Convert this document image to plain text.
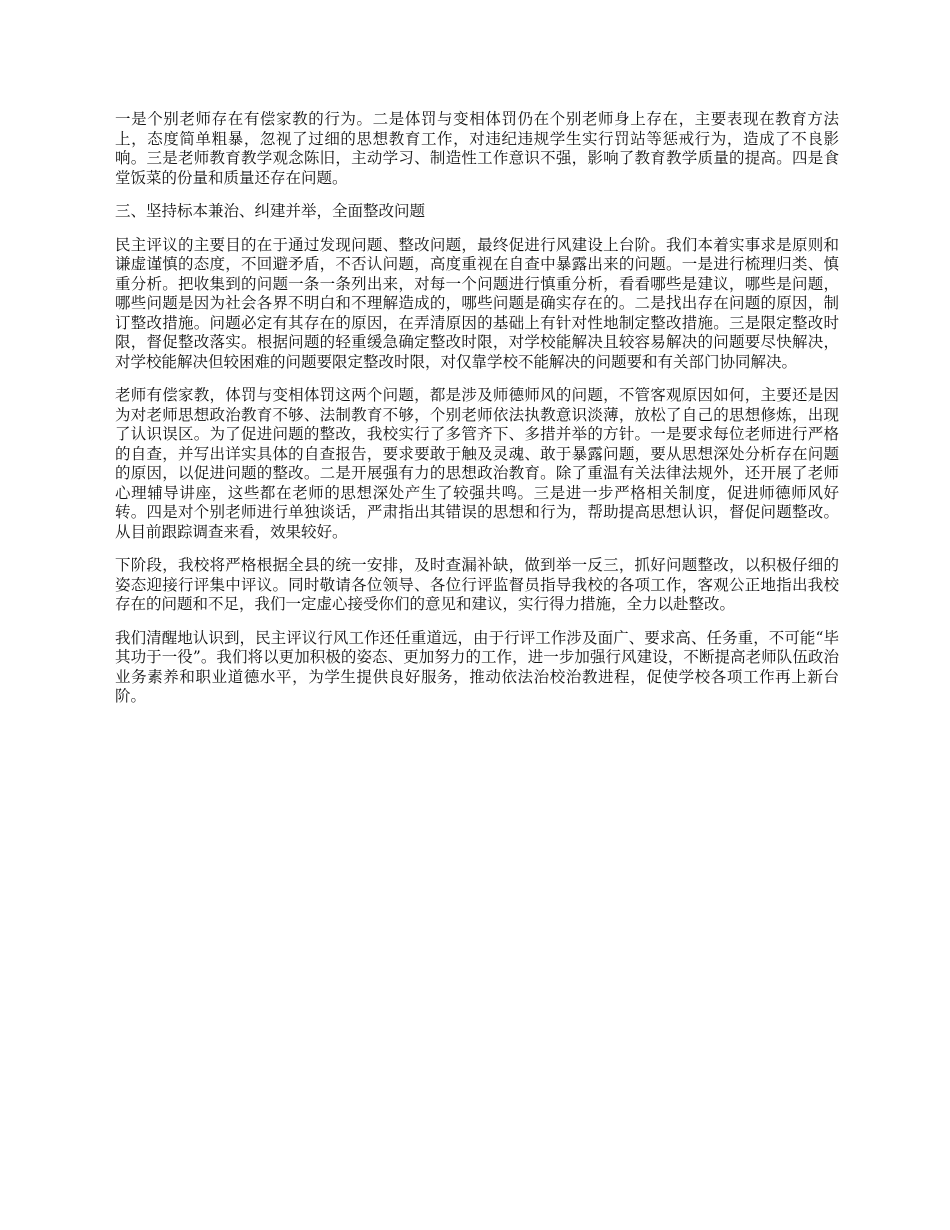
一是个别老师存在有偿家教的行为。二是体罚与变相体罚仍在个别老师身上存在，主要表现在教育方法上，态度简单粗暴，忽视了过细的思想教育工作，对违纪违规学生实行罚站等惩戒行为，造成了不良影响。三是老师教育教学观念陈旧，主动学习、制造性工作意识不强，影响了教育教学质量的提高。四是食堂饭菜的份量和质量还存在问题。

三、坚持标本兼治、纠建并举，全面整改问题

民主评议的主要目的在于通过发现问题、整改问题，最终促进行风建设上台阶。我们本着实事求是原则和谦虚谨慎的态度，不回避矛盾，不否认问题，高度重视在自查中暴露出来的问题。一是进行梳理归类、慎重分析。把收集到的问题一条一条列出来，对每一个问题进行慎重分析，看看哪些是建议，哪些是问题，哪些问题是因为社会各界不明白和不理解造成的，哪些问题是确实存在的。二是找出存在问题的原因，制订整改措施。问题必定有其存在的原因，在弄清原因的基础上有针对性地制定整改措施。三是限定整改时限，督促整改落实。根据问题的轻重缓急确定整改时限，对学校能解决且较容易解决的问题要尽快解决，对学校能解决但较困难的问题要限定整改时限，对仅靠学校不能解决的问题要和有关部门协同解决。

老师有偿家教，体罚与变相体罚这两个问题，都是涉及师德师风的问题，不管客观原因如何，主要还是因为对老师思想政治教育不够、法制教育不够，个别老师依法执教意识淡薄，放松了自己的思想修炼，出现了认识误区。为了促进问题的整改，我校实行了多管齐下、多措并举的方针。一是要求每位老师进行严格的自查，并写出详实具体的自查报告，要求要敢于触及灵魂、敢于暴露问题，要从思想深处分析存在问题的原因，以促进问题的整改。二是开展强有力的思想政治教育。除了重温有关法律法规外，还开展了老师心理辅导讲座，这些都在老师的思想深处产生了较强共鸣。三是进一步严格相关制度，促进师德师风好转。四是对个别老师进行单独谈话，严肃指出其错误的思想和行为，帮助提高思想认识，督促问题整改。从目前跟踪调查来看，效果较好。

下阶段，我校将严格根据全县的统一安排，及时查漏补缺，做到举一反三，抓好问题整改，以积极仔细的姿态迎接行评集中评议。同时敬请各位领导、各位行评监督员指导我校的各项工作，客观公正地指出我校存在的问题和不足，我们一定虚心接受你们的意见和建议，实行得力措施，全力以赴整改。

我们清醒地认识到，民主评议行风工作还任重道远，由于行评工作涉及面广、要求高、任务重，不可能“毕其功于一役”。我们将以更加积极的姿态、更加努力的工作，进一步加强行风建设，不断提高老师队伍政治业务素养和职业道德水平，为学生提供良好服务，推动依法治校治教进程，促使学校各项工作再上新台阶。
